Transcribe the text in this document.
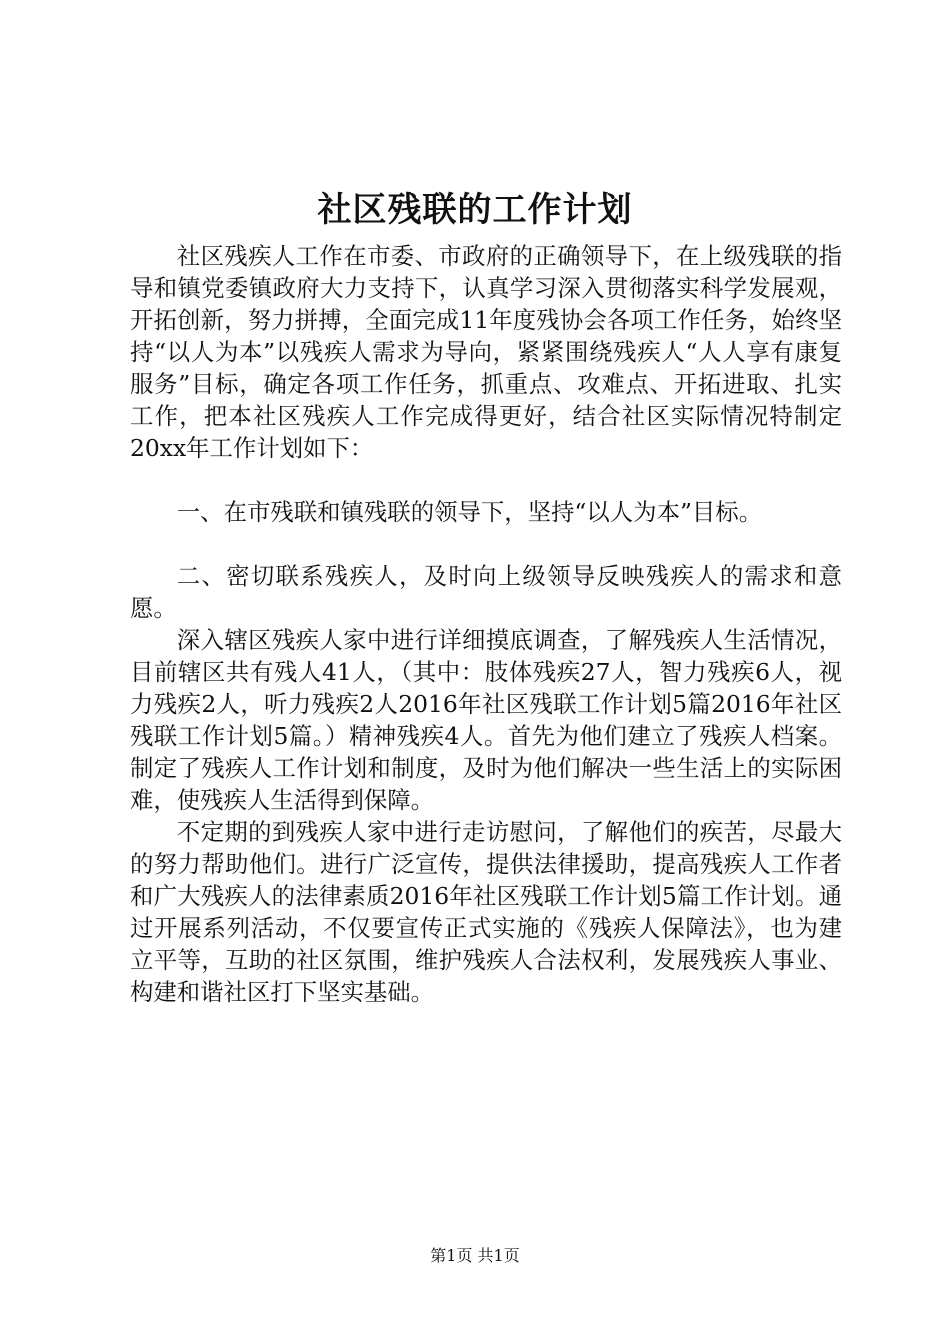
社区残联的工作计划

社区残疾人工作在市委、市政府的正确领导下，在上级残联的指导和镇党委镇政府大力支持下，认真学习深入贯彻落实科学发展观，开拓创新，努力拼搏，全面完成11年度残协会各项工作任务，始终坚持“以人为本”以残疾人需求为导向，紧紧围绕残疾人“人人享有康复服务”目标，确定各项工作任务，抓重点、攻难点、开拓进取、扎实工作，把本社区残疾人工作完成得更好，结合社区实际情况特制定20xx年工作计划如下：

一、在市残联和镇残联的领导下，坚持“以人为本”目标。

二、密切联系残疾人，及时向上级领导反映残疾人的需求和意愿。

深入辖区残疾人家中进行详细摸底调查，了解残疾人生活情况，目前辖区共有残人41人，（其中：肢体残疾27人，智力残疾6人，视力残疾2人，听力残疾2人2016年社区残联工作计划5篇2016年社区残联工作计划5篇。）精神残疾4人。首先为他们建立了残疾人档案。制定了残疾人工作计划和制度，及时为他们解决一些生活上的实际困难，使残疾人生活得到保障。

不定期的到残疾人家中进行走访慰问，了解他们的疾苦，尽最大的努力帮助他们。进行广泛宣传，提供法律援助，提高残疾人工作者和广大残疾人的法律素质2016年社区残联工作计划5篇工作计划。通过开展系列活动，不仅要宣传正式实施的《残疾人保障法》，也为建立平等，互助的社区氛围，维护残疾人合法权利，发展残疾人事业、构建和谐社区打下坚实基础。

第1页 共1页
